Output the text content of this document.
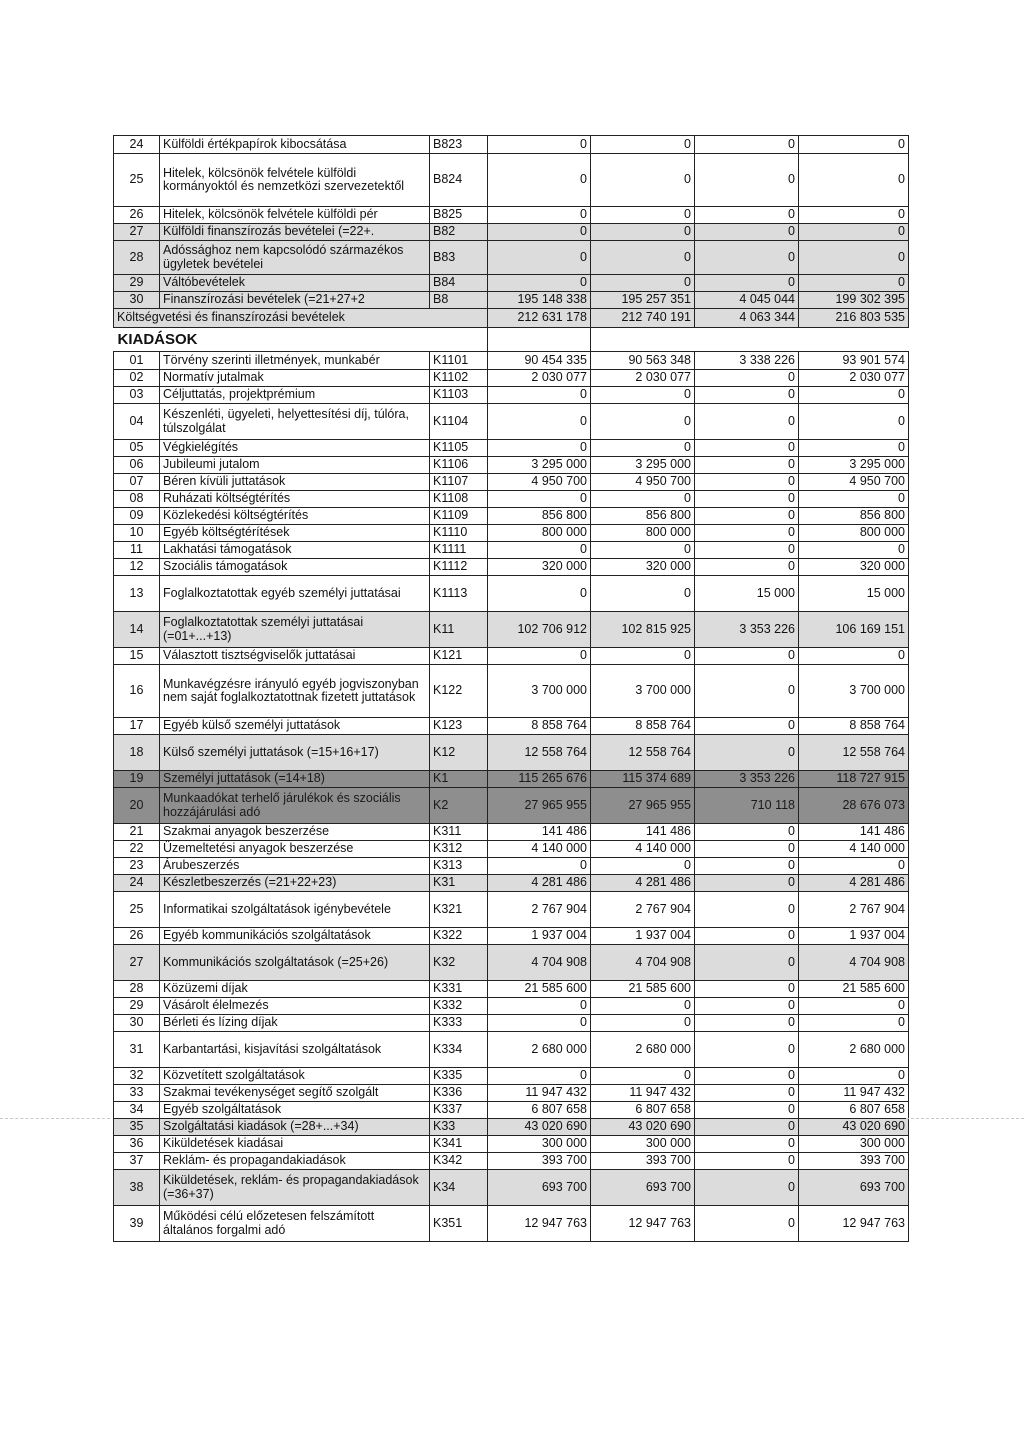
24	Külföldi értékpapírok kibocsátása	B823	0	0	0	0
25	Hitelek, kölcsönök felvétele külföldi kormányoktól és nemzetközi szervezetektől	B824	0	0	0	0
26	Hitelek, kölcsönök felvétele külföldi pér	B825	0	0	0	0
27	Külföldi finanszírozás bevételei (=22+.	B82	0	0	0	0
28	Adóssághoz nem kapcsolódó származékos ügyletek bevételei	B83	0	0	0	0
29	Váltóbevételek	B84	0	0	0	0
30	Finanszírozási bevételek (=21+27+2	B8	195 148 338	195 257 351	4 045 044	199 302 395
Költségvetési és finanszírozási bevételek			212 631 178	212 740 191	4 063 344	216 803 535
KIADÁSOK						
01	Törvény szerinti illetmények, munkabér	K1101	90 454 335	90 563 348	3 338 226	93 901 574
02	Normatív jutalmak	K1102	2 030 077	2 030 077	0	2 030 077
03	Céljuttatás, projektprémium	K1103	0	0	0	0
04	Készenléti, ügyeleti, helyettesítési díj, túlóra, túlszolgálat	K1104	0	0	0	0
05	Végkielégítés	K1105	0	0	0	0
06	Jubileumi jutalom	K1106	3 295 000	3 295 000	0	3 295 000
07	Béren kívüli juttatások	K1107	4 950 700	4 950 700	0	4 950 700
08	Ruházati költségtérítés	K1108	0	0	0	0
09	Közlekedési költségtérítés	K1109	856 800	856 800	0	856 800
10	Egyéb költségtérítések	K1110	800 000	800 000	0	800 000
11	Lakhatási támogatások	K1111	0	0	0	0
12	Szociális támogatások	K1112	320 000	320 000	0	320 000
13	Foglalkoztatottak egyéb személyi juttatásai	K1113	0	0	15 000	15 000
14	Foglalkoztatottak személyi juttatásai (=01+...+13)	K11	102 706 912	102 815 925	3 353 226	106 169 151
15	Választott tisztségviselők juttatásai	K121	0	0	0	0
16	Munkavégzésre irányuló egyéb jogviszonyban nem saját foglalkoztatottnak fizetett juttatások	K122	3 700 000	3 700 000	0	3 700 000
17	Egyéb külső személyi juttatások	K123	8 858 764	8 858 764	0	8 858 764
18	Külső személyi juttatások (=15+16+17)	K12	12 558 764	12 558 764	0	12 558 764
19	Személyi juttatások (=14+18)	K1	115 265 676	115 374 689	3 353 226	118 727 915
20	Munkaadókat terhelő járulékok és szociális hozzájárulási adó	K2	27 965 955	27 965 955	710 118	28 676 073
21	Szakmai anyagok beszerzése	K311	141 486	141 486	0	141 486
22	Üzemeltetési anyagok beszerzése	K312	4 140 000	4 140 000	0	4 140 000
23	Árubeszerzés	K313	0	0	0	0
24	Készletbeszerzés (=21+22+23)	K31	4 281 486	4 281 486	0	4 281 486
25	Informatikai szolgáltatások igénybevétele	K321	2 767 904	2 767 904	0	2 767 904
26	Egyéb kommunikációs szolgáltatások	K322	1 937 004	1 937 004	0	1 937 004
27	Kommunikációs szolgáltatások (=25+26)	K32	4 704 908	4 704 908	0	4 704 908
28	Közüzemi díjak	K331	21 585 600	21 585 600	0	21 585 600
29	Vásárolt élelmezés	K332	0	0	0	0
30	Bérleti és lízing díjak	K333	0	0	0	0
31	Karbantartási, kisjavítási szolgáltatások	K334	2 680 000	2 680 000	0	2 680 000
32	Közvetített szolgáltatások	K335	0	0	0	0
33	Szakmai tevékenységet segítő szolgált	K336	11 947 432	11 947 432	0	11 947 432
34	Egyéb szolgáltatások	K337	6 807 658	6 807 658	0	6 807 658
35	Szolgáltatási kiadások (=28+...+34)	K33	43 020 690	43 020 690	0	43 020 690
36	Kiküldetések kiadásai	K341	300 000	300 000	0	300 000
37	Reklám- és propagandakiadások	K342	393 700	393 700	0	393 700
38	Kiküldetések, reklám- és propagandakiadások (=36+37)	K34	693 700	693 700	0	693 700
39	Működési célú előzetesen felszámított általános forgalmi adó	K351	12 947 763	12 947 763	0	12 947 763
